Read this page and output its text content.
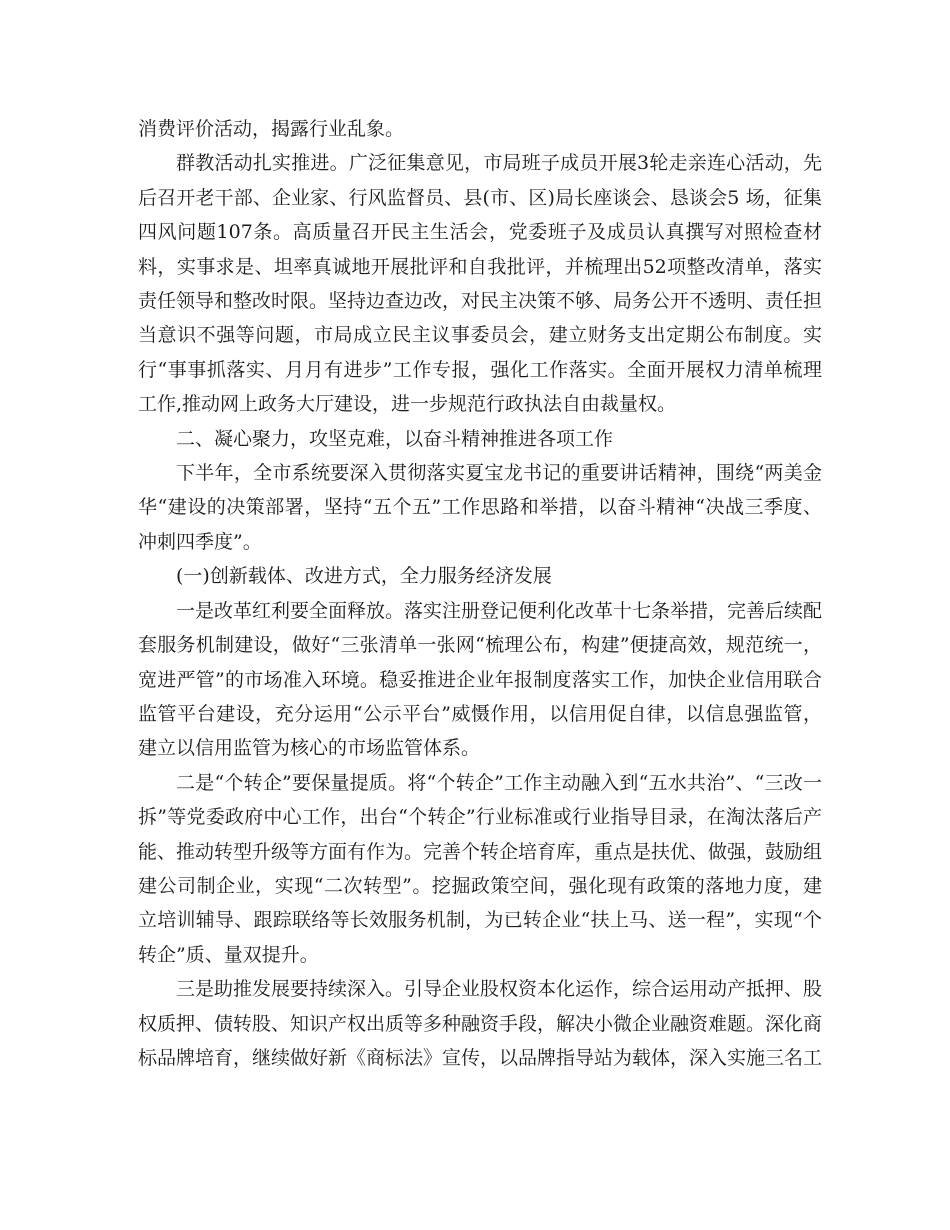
消费评价活动，揭露行业乱象。

群教活动扎实推进。广泛征集意见，市局班子成员开展3轮走亲连心活动，先后召开老干部、企业家、行风监督员、县(市、区)局长座谈会、恳谈会5 场，征集四风问题107条。高质量召开民主生活会，党委班子及成员认真撰写对照检查材料，实事求是、坦率真诚地开展批评和自我批评，并梳理出52项整改清单，落实责任领导和整改时限。坚持边查边改，对民主决策不够、局务公开不透明、责任担当意识不强等问题，市局成立民主议事委员会，建立财务支出定期公布制度。实行“事事抓落实、月月有进步”工作专报，强化工作落实。全面开展权力清单梳理工作,推动网上政务大厅建设，进一步规范行政执法自由裁量权。

二、凝心聚力，攻坚克难，以奋斗精神推进各项工作

下半年，全市系统要深入贯彻落实夏宝龙书记的重要讲话精神，围绕“两美金华“建设的决策部署，坚持“五个五”工作思路和举措，以奋斗精神“决战三季度、冲刺四季度”。

(一)创新载体、改进方式，全力服务经济发展

一是改革红利要全面释放。落实注册登记便利化改革十七条举措，完善后续配套服务机制建设，做好“三张清单一张网“梳理公布，构建”便捷高效，规范统一，宽进严管”的市场准入环境。稳妥推进企业年报制度落实工作，加快企业信用联合监管平台建设，充分运用“公示平台”威慑作用，以信用促自律，以信息强监管，建立以信用监管为核心的市场监管体系。

二是“个转企”要保量提质。将“个转企”工作主动融入到“五水共治”、“三改一拆”等党委政府中心工作，出台“个转企”行业标准或行业指导目录，在淘汰落后产能、推动转型升级等方面有作为。完善个转企培育库，重点是扶优、做强，鼓励组建公司制企业，实现“二次转型”。挖掘政策空间，强化现有政策的落地力度，建立培训辅导、跟踪联络等长效服务机制，为已转企业“扶上马、送一程”，实现“个转企”质、量双提升。

三是助推发展要持续深入。引导企业股权资本化运作，综合运用动产抵押、股权质押、债转股、知识产权出质等多种融资手段，解决小微企业融资难题。深化商标品牌培育，继续做好新《商标法》宣传，以品牌指导站为载体，深入实施三名工
